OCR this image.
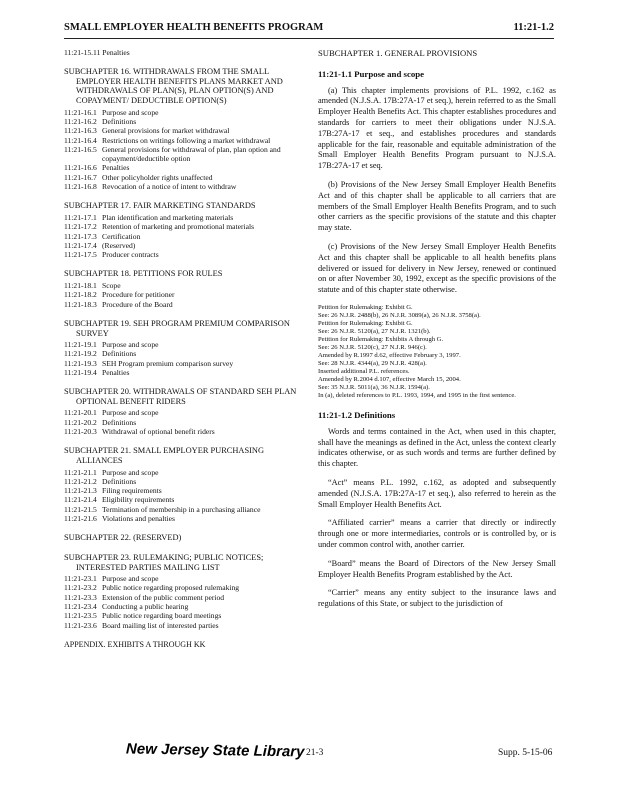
SMALL EMPLOYER HEALTH BENEFITS PROGRAM	11:21-1.2
11:21-15.11 Penalties
SUBCHAPTER 16. WITHDRAWALS FROM THE SMALL EMPLOYER HEALTH BENEFITS PLANS MARKET AND WITHDRAWALS OF PLAN(S), PLAN OPTION(S) AND COPAYMENT/ DEDUCTIBLE OPTION(S)
11:21-16.1 Purpose and scope
11:21-16.2 Definitions
11:21-16.3 General provisions for market withdrawal
11:21-16.4 Restrictions on writings following a market withdrawal
11:21-16.5 General provisions for withdrawal of plan, plan option and copayment/deductible option
11:21-16.6 Penalties
11:21-16.7 Other policyholder rights unaffected
11:21-16.8 Revocation of a notice of intent to withdraw
SUBCHAPTER 17. FAIR MARKETING STANDARDS
11:21-17.1 Plan identification and marketing materials
11:21-17.2 Retention of marketing and promotional materials
11:21-17.3 Certification
11:21-17.4 (Reserved)
11:21-17.5 Producer contracts
SUBCHAPTER 18. PETITIONS FOR RULES
11:21-18.1 Scope
11:21-18.2 Procedure for petitioner
11:21-18.3 Procedure of the Board
SUBCHAPTER 19. SEH PROGRAM PREMIUM COMPARISON SURVEY
11:21-19.1 Purpose and scope
11:21-19.2 Definitions
11:21-19.3 SEH Program premium comparison survey
11:21-19.4 Penalties
SUBCHAPTER 20. WITHDRAWALS OF STANDARD SEH PLAN OPTIONAL BENEFIT RIDERS
11:21-20.1 Purpose and scope
11:21-20.2 Definitions
11:21-20.3 Withdrawal of optional benefit riders
SUBCHAPTER 21. SMALL EMPLOYER PURCHASING ALLIANCES
11:21-21.1 Purpose and scope
11:21-21.2 Definitions
11:21-21.3 Filing requirements
11:21-21.4 Eligibility requirements
11:21-21.5 Termination of membership in a purchasing alliance
11:21-21.6 Violations and penalties
SUBCHAPTER 22. (RESERVED)
SUBCHAPTER 23. RULEMAKING; PUBLIC NOTICES; INTERESTED PARTIES MAILING LIST
11:21-23.1 Purpose and scope
11:21-23.2 Public notice regarding proposed rulemaking
11:21-23.3 Extension of the public comment period
11:21-23.4 Conducting a public hearing
11:21-23.5 Public notice regarding board meetings
11:21-23.6 Board mailing list of interested parties
APPENDIX. EXHIBITS A THROUGH KK
SUBCHAPTER 1. GENERAL PROVISIONS
11:21-1.1 Purpose and scope
(a) This chapter implements provisions of P.L. 1992, c.162 as amended (N.J.S.A. 17B:27A-17 et seq.), herein referred to as the Small Employer Health Benefits Act. This chapter establishes procedures and standards for carriers to meet their obligations under N.J.S.A. 17B:27A-17 et seq., and establishes procedures and standards applicable for the fair, reasonable and equitable administration of the Small Employer Health Benefits Program pursuant to N.J.S.A. 17B:27A-17 et seq.
(b) Provisions of the New Jersey Small Employer Health Benefits Act and of this chapter shall be applicable to all carriers that are members of the Small Employer Health Benefits Program, and to such other carriers as the specific provisions of the statute and this chapter may state.
(c) Provisions of the New Jersey Small Employer Health Benefits Act and this chapter shall be applicable to all health benefits plans delivered or issued for delivery in New Jersey, renewed or continued on or after November 30, 1992, except as the specific provisions of the statute and of this chapter state otherwise.
Petition for Rulemaking: Exhibit G.
See: 26 N.J.R. 2488(b), 26 N.J.R. 3089(a), 26 N.J.R. 3758(a).
Petition for Rulemaking: Exhibit G.
See: 26 N.J.R. 5120(a), 27 N.J.R. 1321(b).
Petition for Rulemaking: Exhibits A through G.
See: 26 N.J.R. 5120(c), 27 N.J.R. 946(c).
Amended by R.1997 d.62, effective February 3, 1997.
See: 28 N.J.R. 4344(a), 29 N.J.R. 428(a).
Inserted additional P.L. references.
Amended by R.2004 d.107, effective March 15, 2004.
See: 35 N.J.R. 5011(a), 36 N.J.R. 1594(a).
In (a), deleted references to P.L. 1993, 1994, and 1995 in the first sentence.
11:21-1.2 Definitions
Words and terms contained in the Act, when used in this chapter, shall have the meanings as defined in the Act, unless the context clearly indicates otherwise, or as such words and terms are further defined by this chapter.
“Act” means P.L. 1992, c.162, as adopted and subsequently amended (N.J.S.A. 17B:27A-17 et seq.), also referred to herein as the Small Employer Health Benefits Act.
“Affiliated carrier” means a carrier that directly or indirectly through one or more intermediaries, controls or is controlled by, or is under common control with, another carrier.
“Board” means the Board of Directors of the New Jersey Small Employer Health Benefits Program established by the Act.
“Carrier” means any entity subject to the insurance laws and regulations of this State, or subject to the jurisdiction of
New Jersey State Library 21-3	Supp. 5-15-06
